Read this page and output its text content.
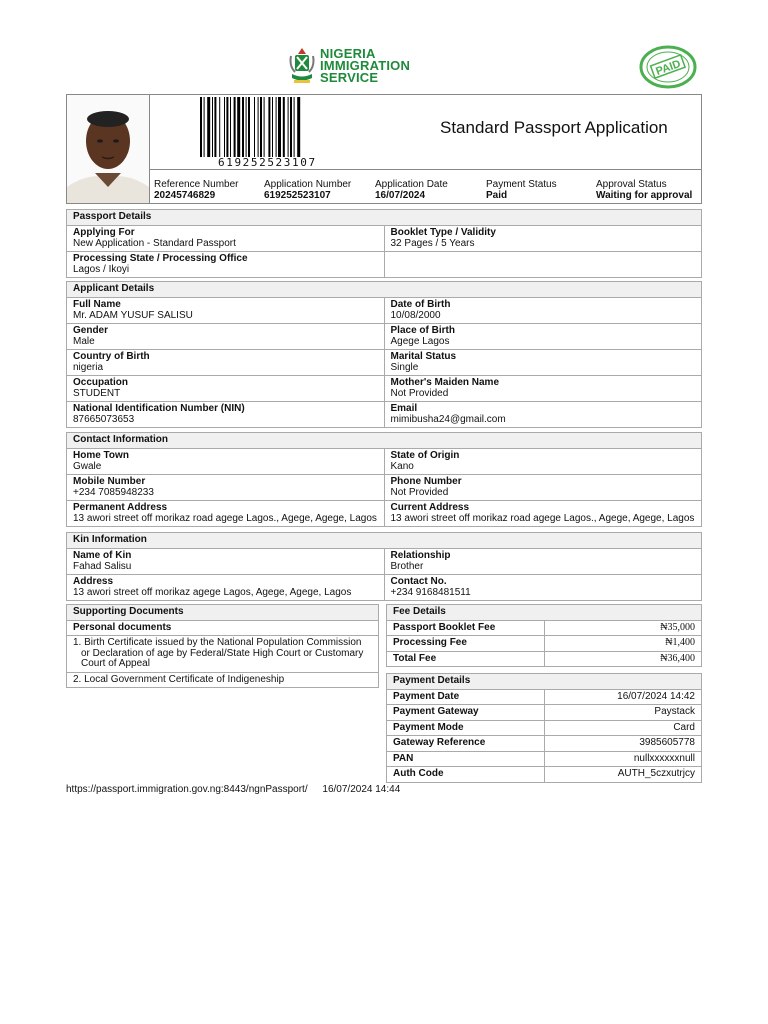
NIGERIA
IMMIGRATION
SERVICE	PAID
619252523107
Standard Passport Application
Reference Number
20245746829
Application Number
619252523107
Application Date
16/07/2024
Payment Status
Paid
Approval Status
Waiting for approval
Passport Details	

Applying For
New Application - Standard Passport	Booklet Type / Validity
32 Pages / 5 Years

Processing State / Processing Office
Lagos / Ikoyi	
Applicant Details	

Full Name
Mr. ADAM YUSUF SALISU	Date of Birth
10/08/2000

Gender
Male	Place of Birth
Agege Lagos

Country of Birth
nigeria	Marital Status
Single

Occupation
STUDENT	Mother's Maiden Name
Not Provided

National Identification Number (NIN)
87665073653	Email
mimibusha24@gmail.com
Contact Information	

Home Town
Gwale	State of Origin
Kano

Mobile Number
+234 7085948233	Phone Number
Not Provided

Permanent Address
13 awori street off morikaz road agege Lagos., Agege, Agege, Lagos	Current Address
13 awori street off morikaz road agege Lagos., Agege, Agege, Lagos
Kin Information	

Name of Kin
Fahad Salisu	Relationship
Brother

Address
13 awori street off morikaz agege Lagos, Agege, Agege, Lagos	Contact No.
+234 9168481511
Supporting Documents
Personal documents
1. Birth Certificate issued by the National Population Commission or Declaration of age by Federal/State High Court or Customary Court of Appeal
2. Local Government Certificate of Indigeneship
Fee Details	
Passport Booklet Fee	₦35,000
Processing Fee	₦1,400
Total Fee	₦36,400
Payment Details	
Payment Date	16/07/2024 14:42
Payment Gateway	Paystack
Payment Mode	Card
Gateway Reference	3985605778
PAN	nullxxxxxxnull
Auth Code	AUTH_5czxutrjcy
https://passport.immigration.gov.ng:8443/ngnPassport/ 16/07/2024 14:44
